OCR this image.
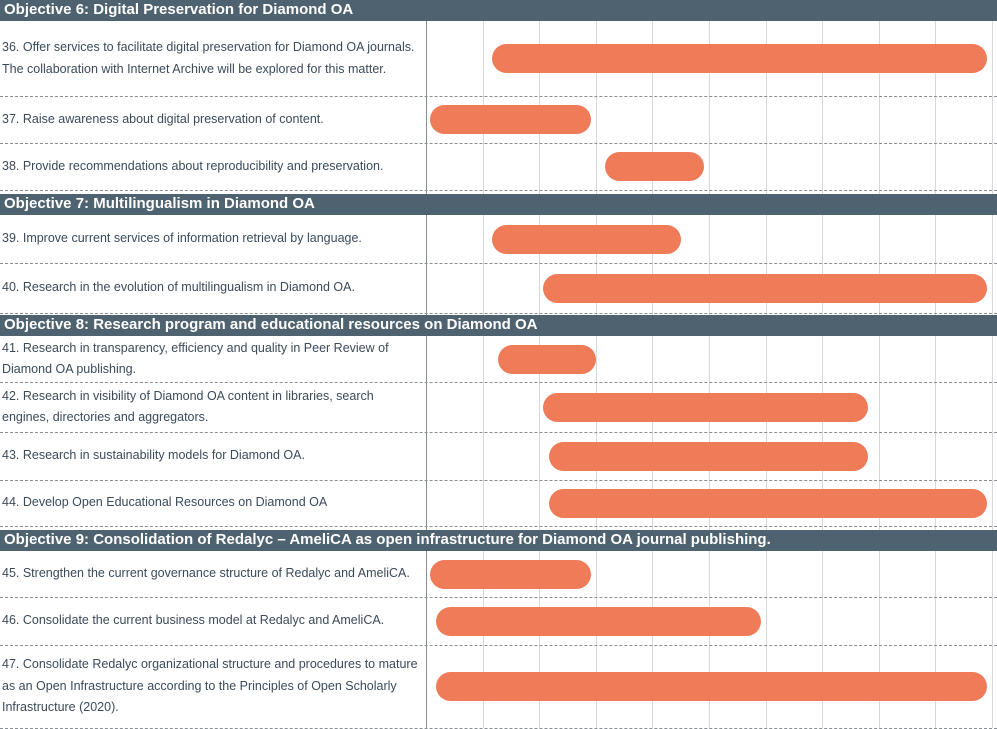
Objective 6: Digital Preservation for Diamond OA
36. Offer services to facilitate digital preservation for Diamond OA journals. The collaboration with Internet Archive will be explored for this matter.
37. Raise awareness about digital preservation of content.
38. Provide recommendations about reproducibility and preservation.
Objective 7: Multilingualism in Diamond OA
39. Improve current services of information retrieval by language.
40. Research in the evolution of multilingualism in Diamond OA.
Objective 8: Research program and educational resources on Diamond OA
41. Research in transparency, efficiency and quality in Peer Review of Diamond OA publishing.
42. Research in visibility of Diamond OA content in libraries, search engines, directories and aggregators.
43. Research in sustainability models for Diamond OA.
44. Develop Open Educational Resources on Diamond OA
Objective 9: Consolidation of Redalyc – AmeliCA as open infrastructure for Diamond OA journal publishing.
45. Strengthen the current governance structure of Redalyc and AmeliCA.
46. Consolidate the current business model at Redalyc and AmeliCA.
47. Consolidate Redalyc organizational structure and procedures to mature as an Open Infrastructure according to the Principles of Open Scholarly Infrastructure (2020).
